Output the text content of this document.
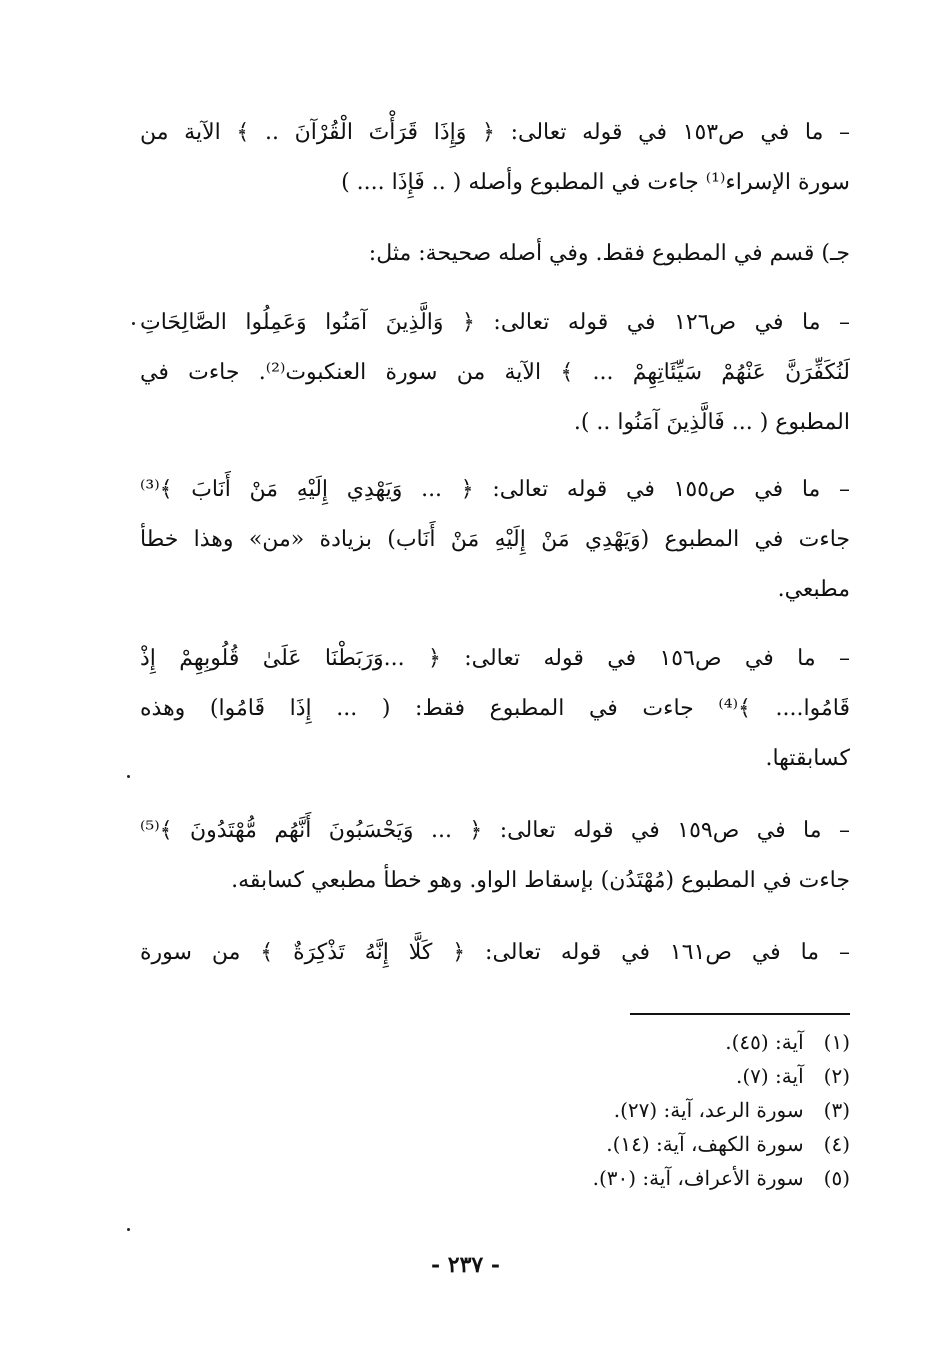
– ما في ص١٥٣ في قوله تعالى: ﴿ وَإِذَا قَرَأْتَ الْقُرْآنَ .. ﴾ الآية من
سورة الإسراء⁽¹⁾ جاءت في المطبوع وأصله ( .. فَإِذَا .... )
جـ) قسم في المطبوع فقط. وفي أصله صحيحة: مثل:
– ما في ص١٢٦ في قوله تعالى: ﴿ وَالَّذِينَ آمَنُوا وَعَمِلُوا الصَّالِحَاتِ
لَنُكَفِّرَنَّ عَنْهُمْ سَيِّئَاتِهِمْ ... ﴾ الآية من سورة العنكبوت⁽²⁾. جاءت في
المطبوع ( ... فَالَّذِينَ آمَنُوا .. ).
– ما في ص١٥٥ في قوله تعالى: ﴿ ... وَيَهْدِي إِلَيْهِ مَنْ أَنَابَ ﴾⁽³⁾
جاءت في المطبوع (وَيَهْدِي مَنْ إِلَيْهِ مَنْ أَنَاب) بزيادة «من» وهذا خطأ
مطبعي.
– ما في ص١٥٦ في قوله تعالى: ﴿ ...وَرَبَطْنَا عَلَىٰ قُلُوبِهِمْ إِذْ
قَامُوا.... ﴾⁽⁴⁾ جاءت في المطبوع فقط: ( ... إِذَا قَامُوا) وهذه
كسابقتها.
– ما في ص١٥٩ في قوله تعالى: ﴿ ... وَيَحْسَبُونَ أَنَّهُم مُّهْتَدُونَ ﴾⁽⁵⁾
جاءت في المطبوع (مُهْتَدُن) بإسقاط الواو. وهو خطأ مطبعي كسابقه.
– ما في ص١٦١ في قوله تعالى: ﴿ كَلَّا إِنَّهُ تَذْكِرَةٌ ﴾ من سورة
(١) آية: (٤٥).
(٢) آية: (٧).
(٣) سورة الرعد، آية: (٢٧).
(٤) سورة الكهف، آية: (١٤).
(٥) سورة الأعراف، آية: (٣٠).
- ٢٣٧ -
